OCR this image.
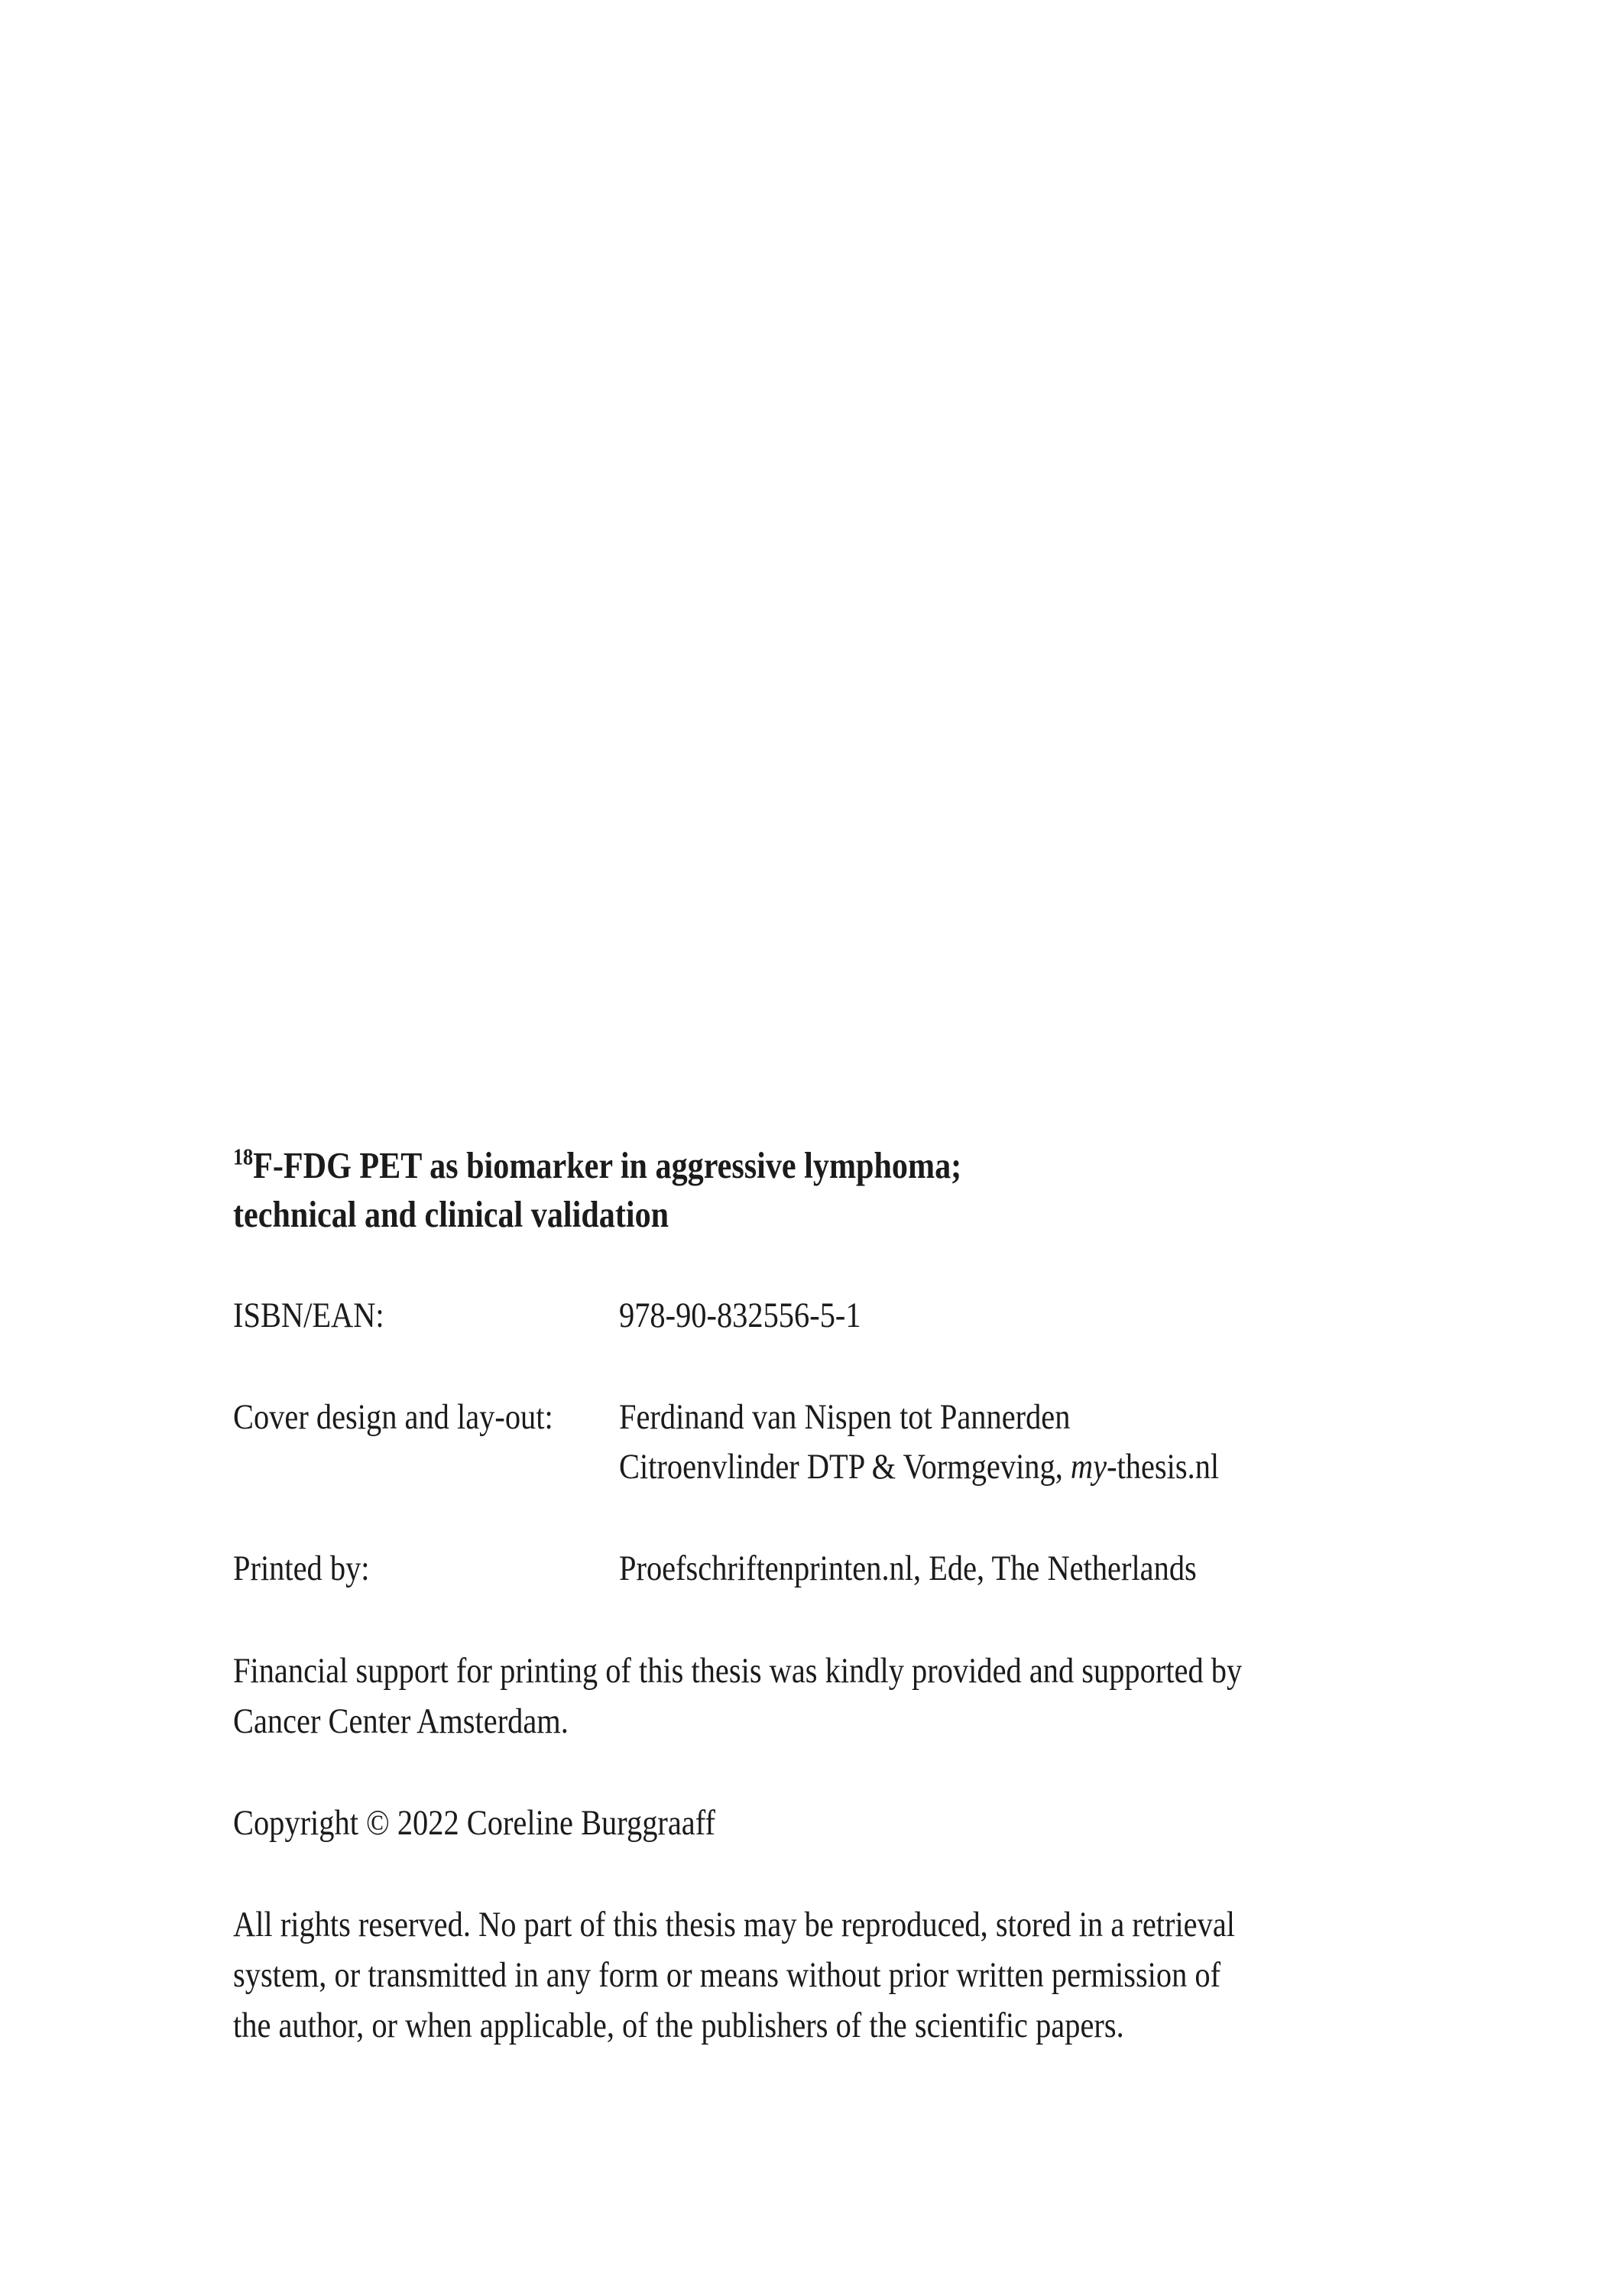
$^{18}$F-FDG PET as biomarker in aggressive lymphoma;
technical and clinical validation
ISBN/EAN:	978-90-832556-5-1
Cover design and lay-out:	Ferdinand van Nispen tot Pannerden
Citroenvlinder DTP & Vormgeving, my-thesis.nl
Printed by:	Proefschriftenprinten.nl, Ede, The Netherlands
Financial support for printing of this thesis was kindly provided and supported by
Cancer Center Amsterdam.
Copyright © 2022 Coreline Burggraaff
All rights reserved. No part of this thesis may be reproduced, stored in a retrieval
system, or transmitted in any form or means without prior written permission of
the author, or when applicable, of the publishers of the scientific papers.
